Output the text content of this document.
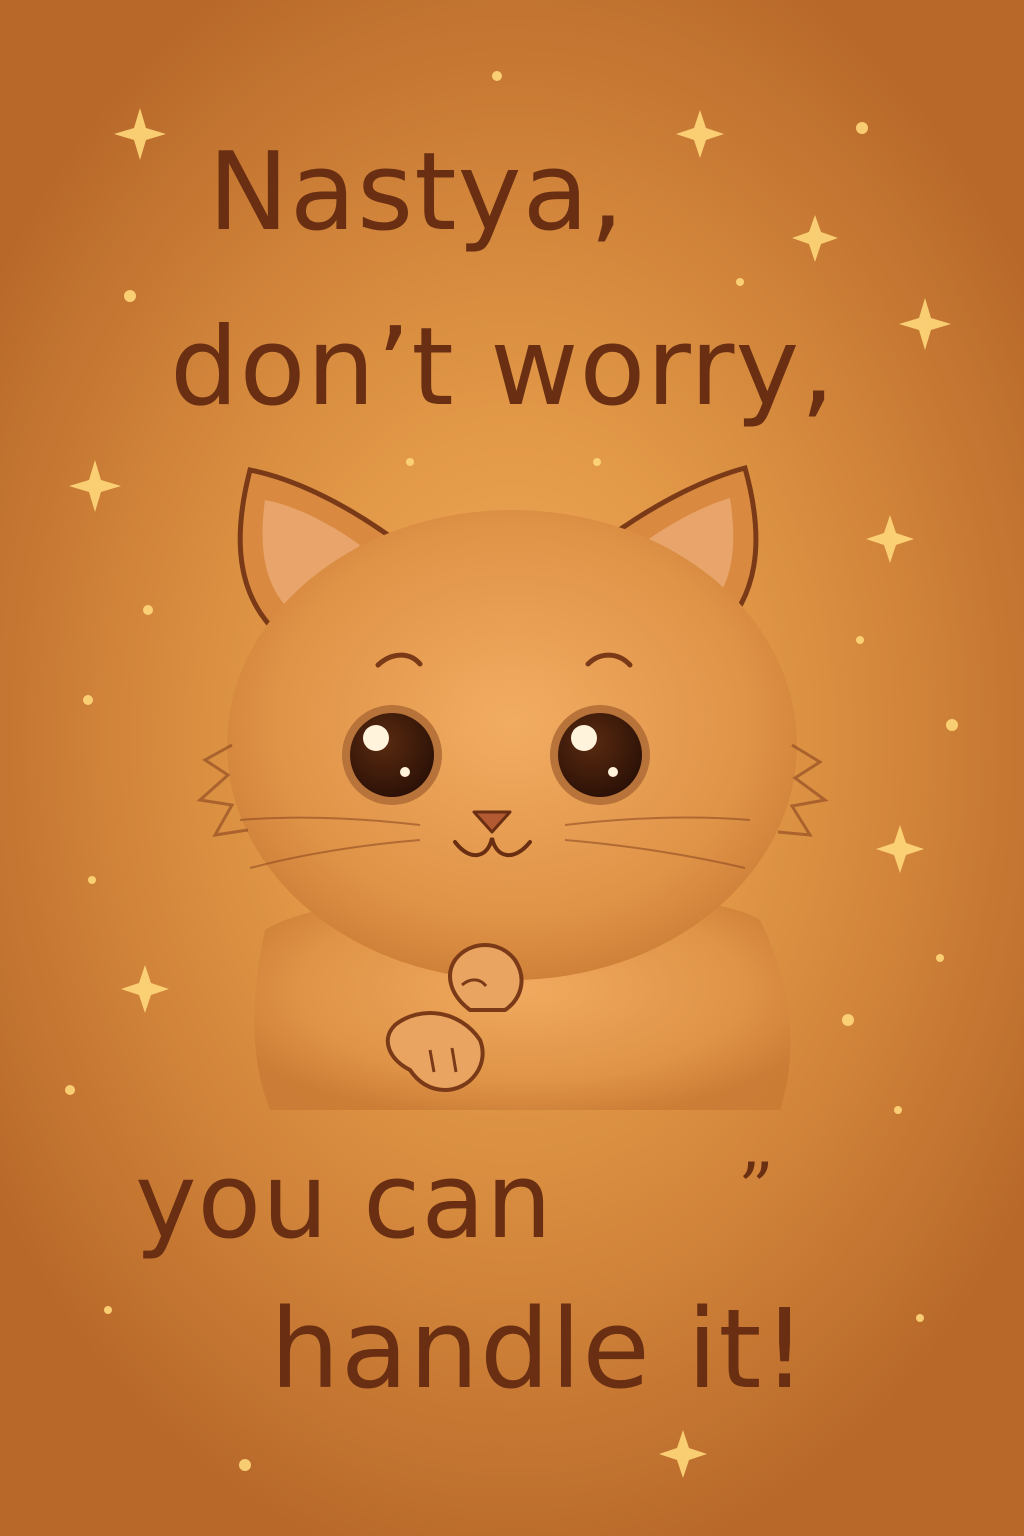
Nastya,
don’t worry,
you can	”
handle it!
